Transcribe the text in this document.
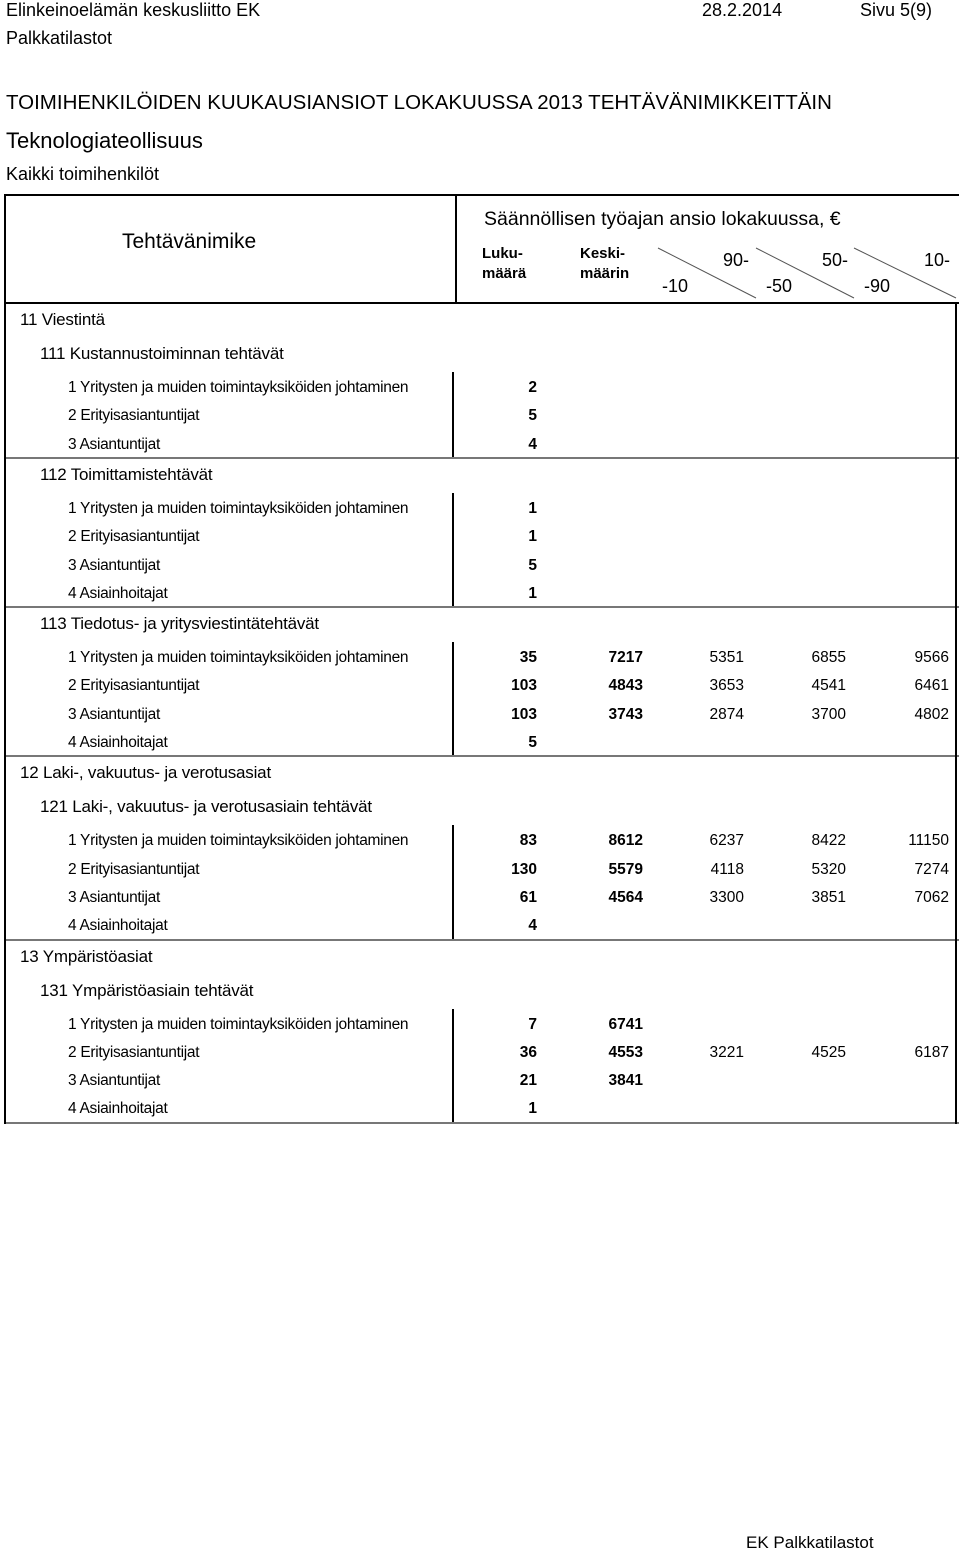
Elinkeinoelämän keskusliitto EK	28.2.2014	Sivu 5(9)
Palkkatilastot
TOIMIHENKILÖIDEN KUUKAUSIANSIOT LOKAKUUSSA 2013 TEHTÄVÄNIMIKKEITTÄIN
Teknologiateollisuus
Kaikki toimihenkilöt
Tehtävänimike
Säännöllisen työajan ansio lokakuussa, €
Luku-
määrä
Keski-
määrin
-10
90-
-50
50-
-90
10-
11 Viestintä
111 Kustannustoiminnan tehtävät
1 Yritysten ja muiden toimintayksiköiden johtaminen	2
2 Erityisasiantuntijat	5
3 Asiantuntijat	4
112 Toimittamistehtävät
1 Yritysten ja muiden toimintayksiköiden johtaminen	1
2 Erityisasiantuntijat	1
3 Asiantuntijat	5
4 Asiainhoitajat	1
113 Tiedotus- ja yritysviestintätehtävät
1 Yritysten ja muiden toimintayksiköiden johtaminen	35	7217	5351	6855	9566
2 Erityisasiantuntijat	103	4843	3653	4541	6461
3 Asiantuntijat	103	3743	2874	3700	4802
4 Asiainhoitajat	5
12 Laki-, vakuutus- ja verotusasiat
121 Laki-, vakuutus- ja verotusasiain tehtävät
1 Yritysten ja muiden toimintayksiköiden johtaminen	83	8612	6237	8422	11150
2 Erityisasiantuntijat	130	5579	4118	5320	7274
3 Asiantuntijat	61	4564	3300	3851	7062
4 Asiainhoitajat	4
13 Ympäristöasiat
131 Ympäristöasiain tehtävät
1 Yritysten ja muiden toimintayksiköiden johtaminen	7	6741
2 Erityisasiantuntijat	36	4553	3221	4525	6187
3 Asiantuntijat	21	3841
4 Asiainhoitajat	1
EK Palkkatilastot
